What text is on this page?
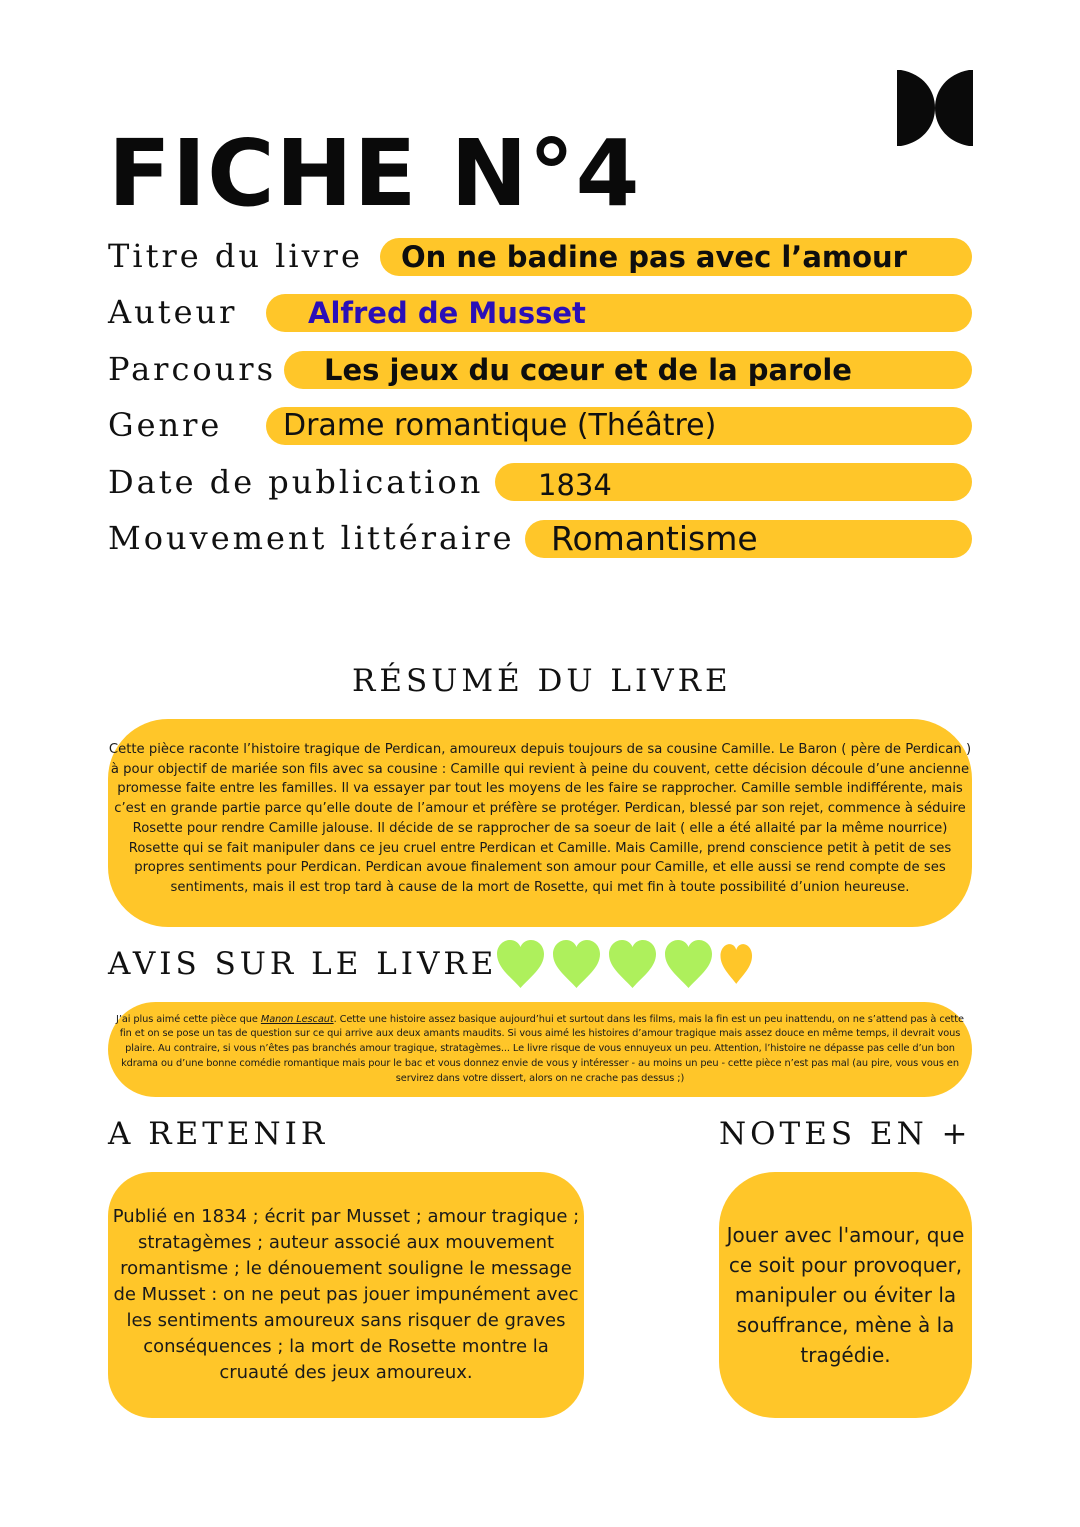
FICHE N°4
Titre du livre On ne badine pas avec l’amour
Auteur Alfred de Musset
Parcours Les jeux du cœur et de la parole
Genre Drame romantique (Théâtre)
Date de publication 1834
Mouvement littéraire Romantisme
RÉSUMÉ DU LIVRE

Cette pièce raconte l’histoire tragique de Perdican, amoureux depuis toujours de sa cousine Camille. Le Baron ( père de Perdican ) à pour objectif de mariée son fils avec sa cousine : Camille qui revient à peine du couvent, cette décision découle d’une ancienne promesse faite entre les familles. Il va essayer par tout les moyens de les faire se rapprocher. Camille semble indifférente, mais c’est en grande partie parce qu’elle doute de l’amour et préfère se protéger. Perdican, blessé par son rejet, commence à séduire Rosette pour rendre Camille jalouse. Il décide de se rapprocher de sa soeur de lait ( elle a été allaité par la même nourrice) Rosette qui se fait manipuler dans ce jeu cruel entre Perdican et Camille. Mais Camille, prend conscience petit à petit de ses propres sentiments pour Perdican. Perdican avoue finalement son amour pour Camille, et elle aussi se rend compte de ses sentiments, mais il est trop tard à cause de la mort de Rosette, qui met fin à toute possibilité d’union heureuse.

AVIS SUR LE LIVRE

J’ai plus aimé cette pièce que Manon Lescaut. Cette une histoire assez basique aujourd’hui et surtout dans les films, mais la fin est un peu inattendu, on ne s’attend pas à cette fin et on se pose un tas de question sur ce qui arrive aux deux amants maudits. Si vous aimé les histoires d’amour tragique mais assez douce en même temps, il devrait vous plaire. Au contraire, si vous n’êtes pas branchés amour tragique, stratagèmes... Le livre risque de vous ennuyeux un peu. Attention, l’histoire ne dépasse pas celle d’un bon kdrama ou d’une bonne comédie romantique mais pour le bac et vous donnez envie de vous y intéresser - au moins un peu - cette pièce n’est pas mal (au pire, vous vous en servirez dans votre dissert, alors on ne crache pas dessus ;)

A RETENIR

Publié en 1834 ; écrit par Musset ; amour tragique ; stratagèmes ; auteur associé aux mouvement romantisme ; le dénouement souligne le message de Musset : on ne peut pas jouer impunément avec les sentiments amoureux sans risquer de graves conséquences ; la mort de Rosette montre la cruauté des jeux amoureux.

NOTES EN +

Jouer avec l'amour, que ce soit pour provoquer, manipuler ou éviter la souffrance, mène à la tragédie.
